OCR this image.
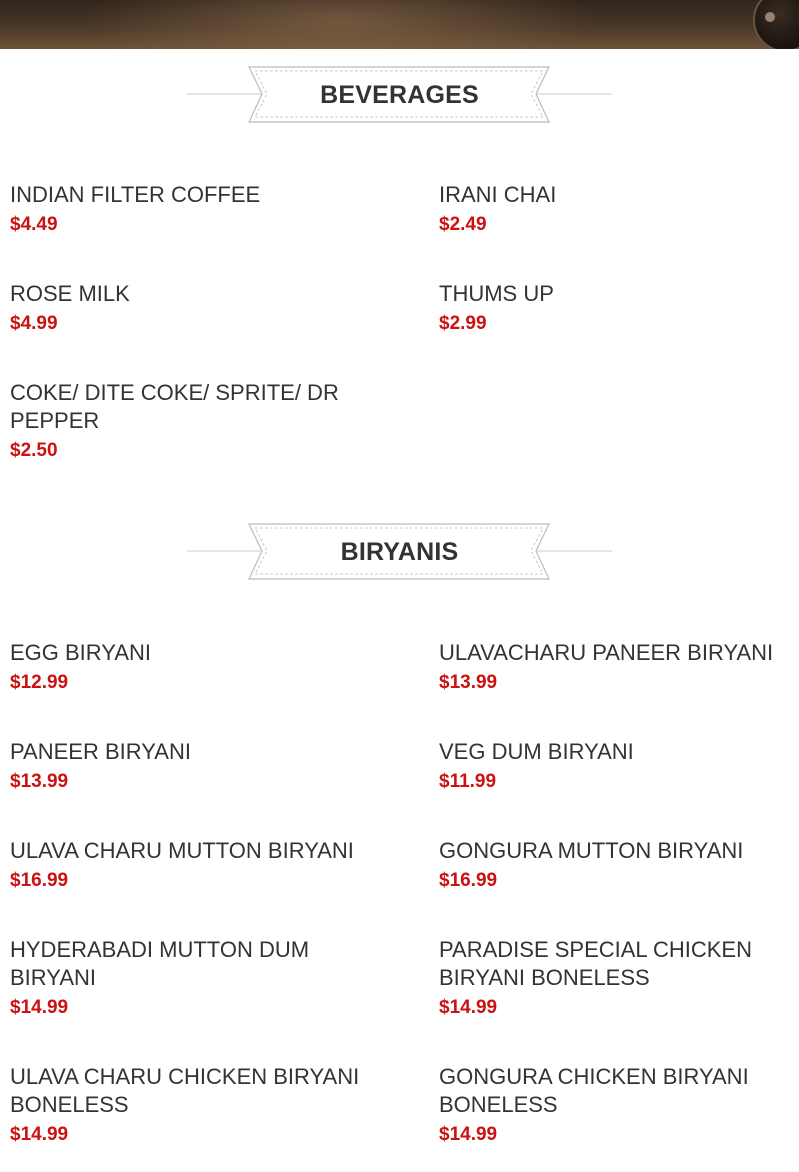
BEVERAGES
INDIAN FILTER COFFEE
$4.49
IRANI CHAI
$2.49
ROSE MILK
$4.99
THUMS UP
$2.99
COKE/ DITE COKE/ SPRITE/ DR PEPPER
$2.50
BIRYANIS
EGG BIRYANI
$12.99
ULAVACHARU PANEER BIRYANI
$13.99
PANEER BIRYANI
$13.99
VEG DUM BIRYANI
$11.99
ULAVA CHARU MUTTON BIRYANI
$16.99
GONGURA MUTTON BIRYANI
$16.99
HYDERABADI MUTTON DUM BIRYANI
$14.99
PARADISE SPECIAL CHICKEN BIRYANI BONELESS
$14.99
ULAVA CHARU CHICKEN BIRYANI BONELESS
$14.99
GONGURA CHICKEN BIRYANI BONELESS
$14.99
